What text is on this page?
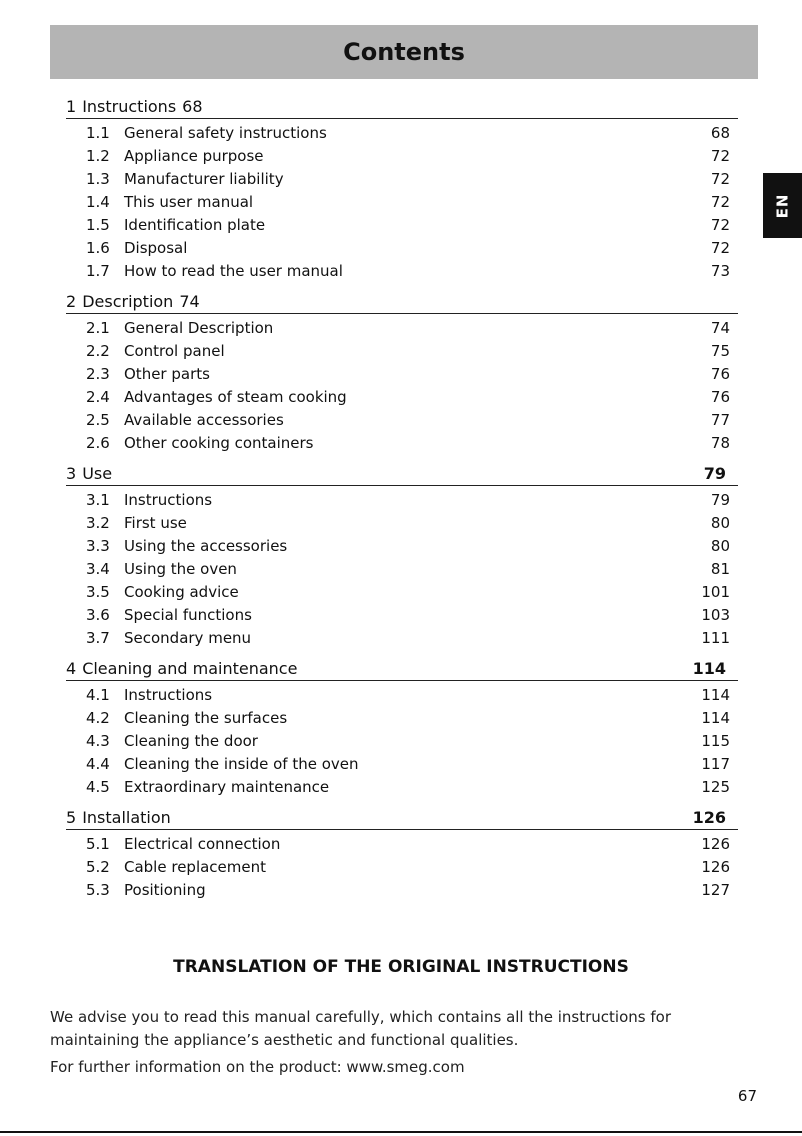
Contents
EN
1 Instructions 68
1.1 General safety instructions	68
1.2 Appliance purpose	72
1.3 Manufacturer liability	72
1.4 This user manual	72
1.5 Identification plate	72
1.6 Disposal	72
1.7 How to read the user manual	73
2 Description 74
2.1 General Description	74
2.2 Control panel	75
2.3 Other parts	76
2.4 Advantages of steam cooking	76
2.5 Available accessories	77
2.6 Other cooking containers	78
3 Use	79
3.1 Instructions	79
3.2 First use	80
3.3 Using the accessories	80
3.4 Using the oven	81
3.5 Cooking advice	101
3.6 Special functions	103
3.7 Secondary menu	111
4 Cleaning and maintenance	114
4.1 Instructions	114
4.2 Cleaning the surfaces	114
4.3 Cleaning the door	115
4.4 Cleaning the inside of the oven	117
4.5 Extraordinary maintenance	125
5 Installation	126
5.1 Electrical connection	126
5.2 Cable replacement	126
5.3 Positioning	127
TRANSLATION OF THE ORIGINAL INSTRUCTIONS

We advise you to read this manual carefully, which contains all the instructions for maintaining the appliance’s aesthetic and functional qualities.

For further information on the product: www.smeg.com

67
